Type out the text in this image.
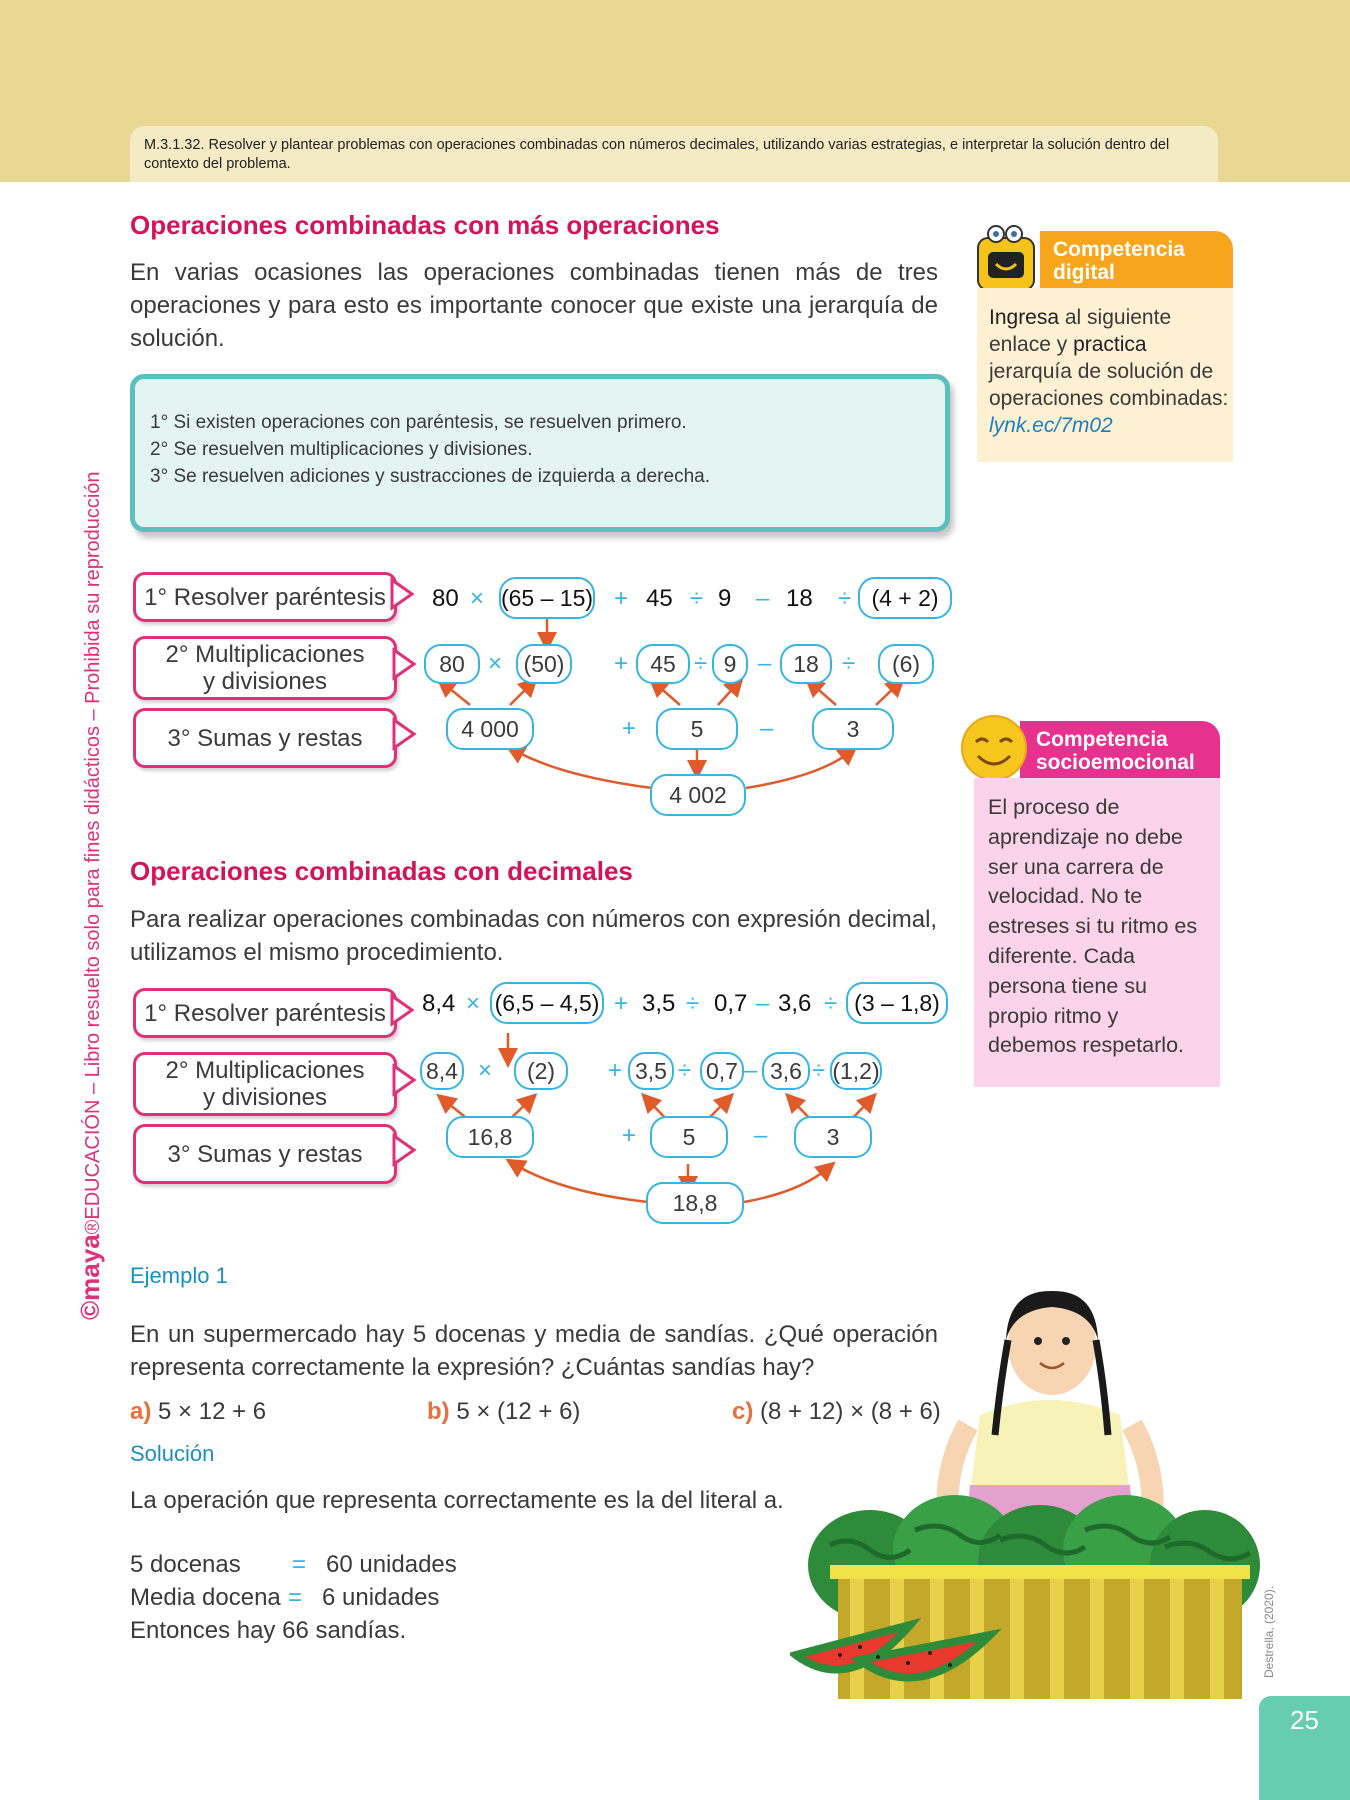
M.3.1.32. Resolver y plantear problemas con operaciones combinadas con números decimales, utilizando varias estrategias, e interpretar la solución dentro del contexto del problema.
Operaciones combinadas con más operaciones
En varias ocasiones las operaciones combinadas tienen más de tres operaciones y para esto es importante conocer que existe una jerarquía de solución.
1° Si existen operaciones con paréntesis, se resuelven primero.
2° Se resuelven multiplicaciones y divisiones.
3° Se resuelven adiciones y sustracciones de izquierda a derecha.
1° Resolver paréntesis
2° Multiplicaciones
y divisiones
3° Sumas y restas
1° Resolver paréntesis
2° Multiplicaciones
y divisiones
3° Sumas y restas
80 × (65 – 15) + 45 ÷ 9 – 18 ÷ (4 + 2)
80 × (50)	+ 45 ÷ 9 – 18 ÷	(6)
4 000	+	5	–	3
4 002
Operaciones combinadas con decimales
Para realizar operaciones combinadas con números con expresión decimal, utilizamos el mismo procedimiento.
8,4 × (6,5 – 4,5) + 3,5 ÷ 0,7 – 3,6 ÷ (3 – 1,8)
8,4 ×	(2)	+ 3,5 ÷ 0,7 – 3,6 ÷ (1,2)
16,8	+	5	–	3
18,8
Ejemplo 1
En un supermercado hay 5 docenas y media de sandías. ¿Qué operación representa correctamente la expresión? ¿Cuántas sandías hay?
a) 5 × 12 + 6	b) 5 × (12 + 6)	c) (8 + 12) × (8 + 6)
Solución
La operación que representa correctamente es la del literal a.
5 docenas = 60 unidades
Media docena = 6 unidades
Entonces hay 66 sandías.
Competencia
digital
Ingresa al siguiente enlace y practica jerarquía de solución de operaciones combinadas: lynk.ec/7m02
Competencia
socioemocional
El proceso de aprendizaje no debe ser una carrera de velocidad. No te estreses si tu ritmo es diferente. Cada persona tiene su propio ritmo y debemos respetarlo.
Destrella, (2020).
©maya®EDUCACIÓN – Libro resuelto solo para fines didácticos – Prohibida su reproducción
25
